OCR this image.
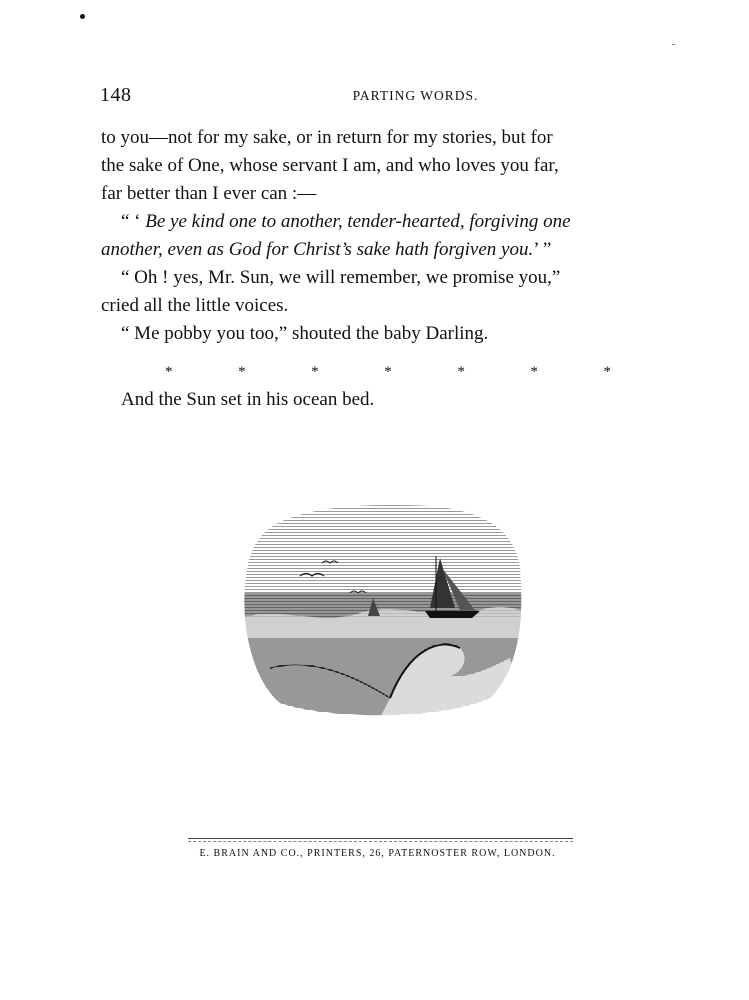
148	PARTING WORDS.
to you—not for my sake, or in return for my stories, but for
the sake of One, whose servant I am, and who loves you far,
far better than I ever can :—
“ ‘ Be ye kind one to another, tender-hearted, forgiving one
another, even as God for Christ’s sake hath forgiven you.’ ”
“ Oh ! yes, Mr. Sun, we will remember, we promise you,”
cried all the little voices.
“ Me pobby you too,” shouted the baby Darling.
*	*	*	*	*	*	*
And the Sun set in his ocean bed.
E. BRAIN AND CO., PRINTERS, 26, PATERNOSTER ROW, LONDON.
